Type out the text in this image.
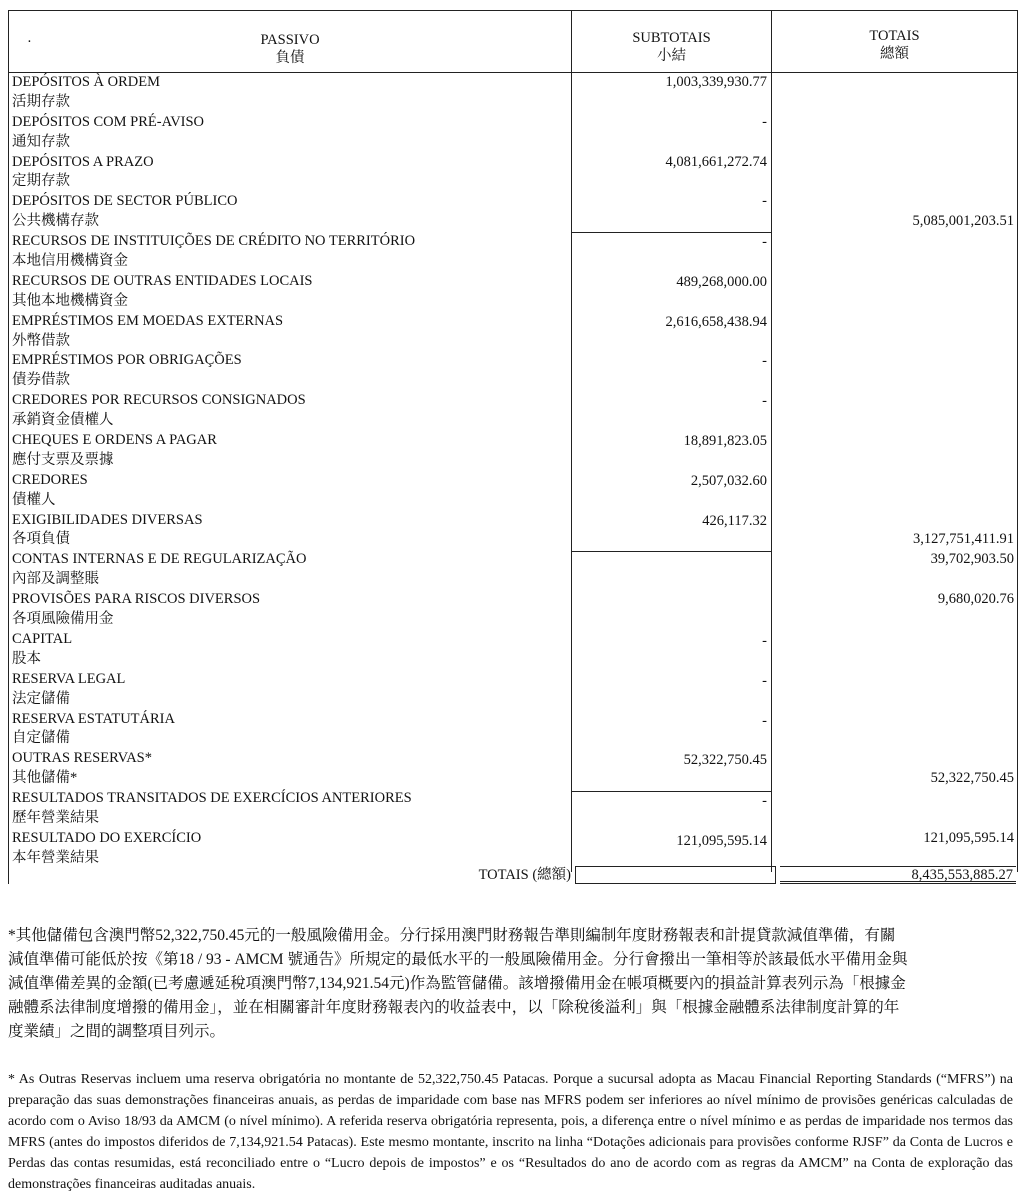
·	PASSIVO
負債
SUBTOTAIS
小結
TOTAIS
總額
DEPÓSITOS À ORDEM
活期存款
DEPÓSITOS COM PRÉ-AVISO
通知存款
DEPÓSITOS A PRAZO
定期存款
DEPÓSITOS DE SECTOR PÚBLICO
公共機構存款
RECURSOS DE INSTITUIÇÕES DE CRÉDITO NO TERRITÓRIO
本地信用機構資金
RECURSOS DE OUTRAS ENTIDADES LOCAIS
其他本地機構資金
EMPRÉSTIMOS EM MOEDAS EXTERNAS
外幣借款
EMPRÉSTIMOS POR OBRIGAÇÕES
債券借款
CREDORES POR RECURSOS CONSIGNADOS
承銷資金債權人
CHEQUES E ORDENS A PAGAR
應付支票及票據
CREDORES
債權人
EXIGIBILIDADES DIVERSAS
各項負債
CONTAS INTERNAS E DE REGULARIZAÇÃO
內部及調整賬
PROVISÕES PARA RISCOS DIVERSOS
各項風險備用金
CAPITAL
股本
RESERVA LEGAL
法定儲備
RESERVA ESTATUTÁRIA
自定儲備
OUTRAS RESERVAS*
其他儲備*
RESULTADOS TRANSITADOS DE EXERCÍCIOS ANTERIORES
歷年營業結果
RESULTADO DO EXERCÍCIO
本年營業結果
1,003,339,930.77
-
4,081,661,272.74
-
-
489,268,000.00
2,616,658,438.94
-
-
18,891,823.05
2,507,032.60
426,117.32
-
-
-
52,322,750.45
-
121,095,595.14
5,085,001,203.51
3,127,751,411.91
39,702,903.50
9,680,020.76
52,322,750.45
121,095,595.14
TOTAIS (總額)	8,435,553,885.27
*其他儲備包含澳門幣52,322,750.45元的一般風險備用金。分行採用澳門財務報告準則編制年度財務報表和計提貸款減值準備，有關減值準備可能低於按《第18 / 93 - AMCM 號通告》所規定的最低水平的一般風險備用金。分行會撥出一筆相等於該最低水平備用金與減值準備差異的金額(已考慮遞延稅項澳門幣7,134,921.54元)作為監管儲備。該增撥備用金在帳項概要內的損益計算表列示為「根據金融體系法律制度增撥的備用金」，並在相關審計年度財務報表內的收益表中，以「除稅後溢利」與「根據金融體系法律制度計算的年度業績」之間的調整項目列示。
* As Outras Reservas incluem uma reserva obrigatória no montante de 52,322,750.45 Patacas. Porque a sucursal adopta as Macau Financial Reporting Standards (“MFRS”) na preparação das suas demonstrações financeiras anuais, as perdas de imparidade com base nas MFRS podem ser inferiores ao nível mínimo de provisões genéricas calculadas de acordo com o Aviso 18/93 da AMCM (o nível mínimo). A referida reserva obrigatória representa, pois, a diferença entre o nível mínimo e as perdas de imparidade nos termos das MFRS (antes do impostos diferidos de 7,134,921.54 Patacas). Este mesmo montante, inscrito na linha “Dotações adicionais para provisões conforme RJSF” da Conta de Lucros e Perdas das contas resumidas, está reconciliado entre o “Lucro depois de impostos” e os “Resultados do ano de acordo com as regras da AMCM” na Conta de exploração das demonstrações financeiras auditadas anuais.
